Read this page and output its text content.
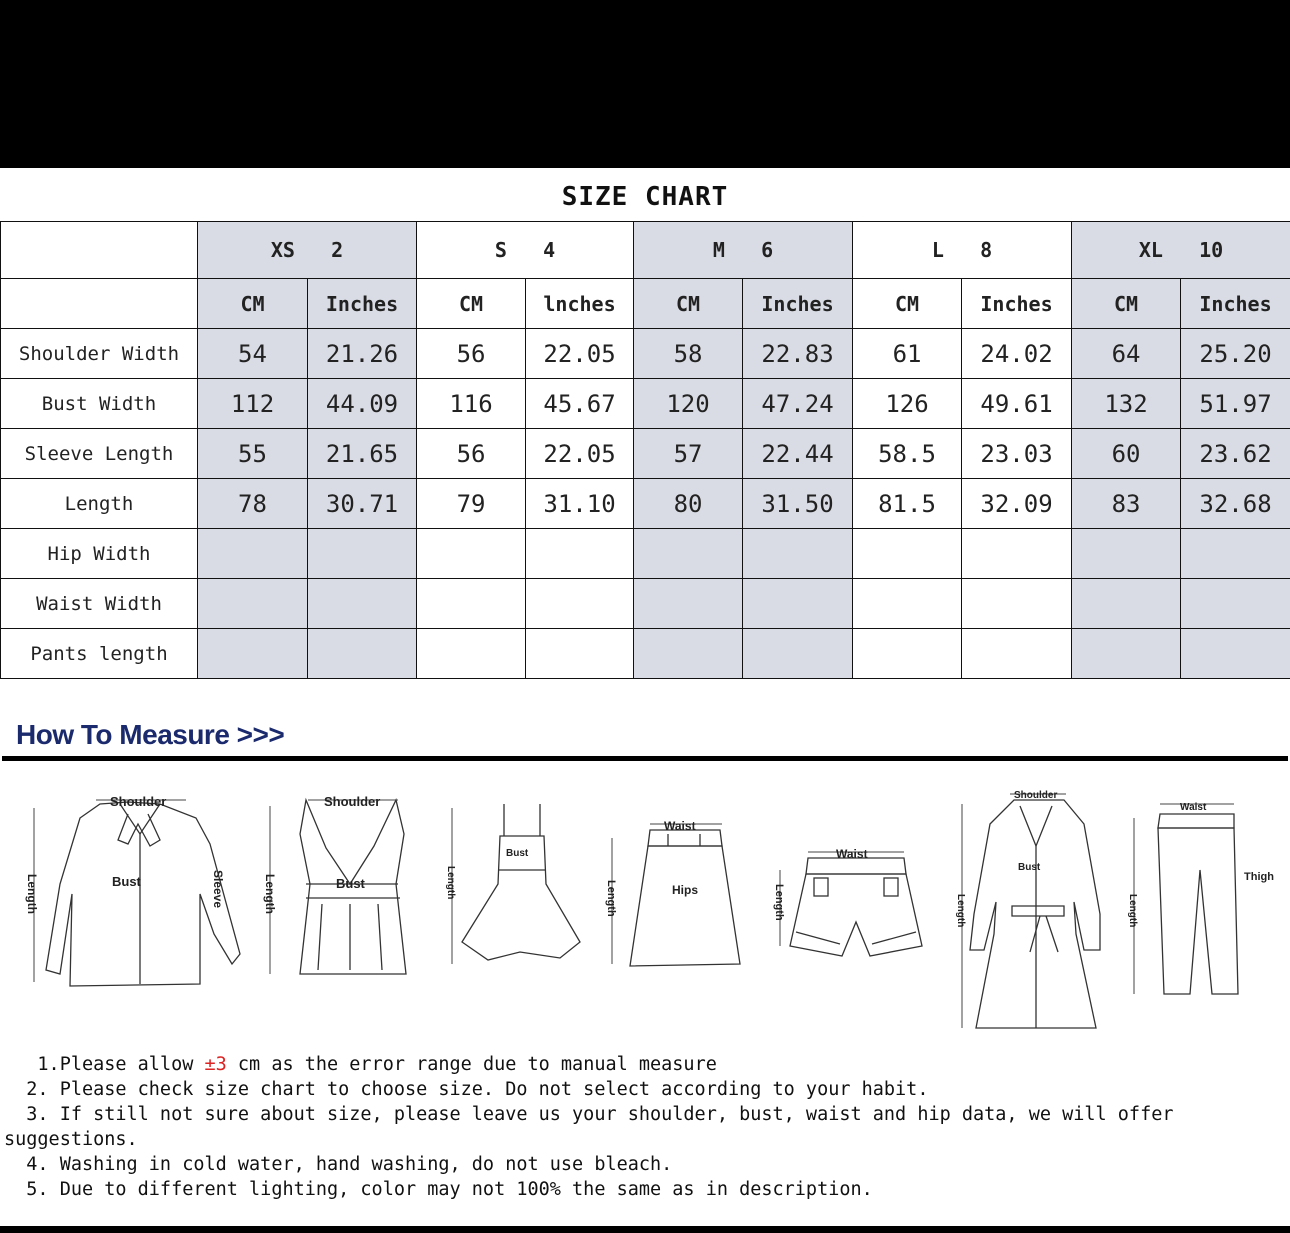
SIZE CHART
	XS 2		S 4		M 6		L 8		XL 10	
	CM	Inches	CM	lnches	CM	Inches	CM	Inches	CM	Inches
Shoulder Width	54	21.26	56	22.05	58	22.83	61	24.02	64	25.20
Bust Width	112	44.09	116	45.67	120	47.24	126	49.61	132	51.97
Sleeve Length	55	21.65	56	22.05	57	22.44	58.5	23.03	60	23.62
Length	78	30.71	79	31.10	80	31.50	81.5	32.09	83	32.68
Hip Width										
Waist Width										
Pants length										
How To Measure >>>
Shoulder
Bust
Shoulder
Bust
Bust
Waist
Hips
Waist
Shoulder
Bust
Waist
Thigh
Length	Sleeve	Length	Length	Length	Length	Length	Length

1.Please allow ±3 cm as the error range due to manual measure

2. Please check size chart to choose size. Do not select according to your habit.

3. If still not sure about size, please leave us your shoulder, bust, waist and hip data, we will offer suggestions.

4. Washing in cold water, hand washing, do not use bleach.

5. Due to different lighting, color may not 100% the same as in description.
